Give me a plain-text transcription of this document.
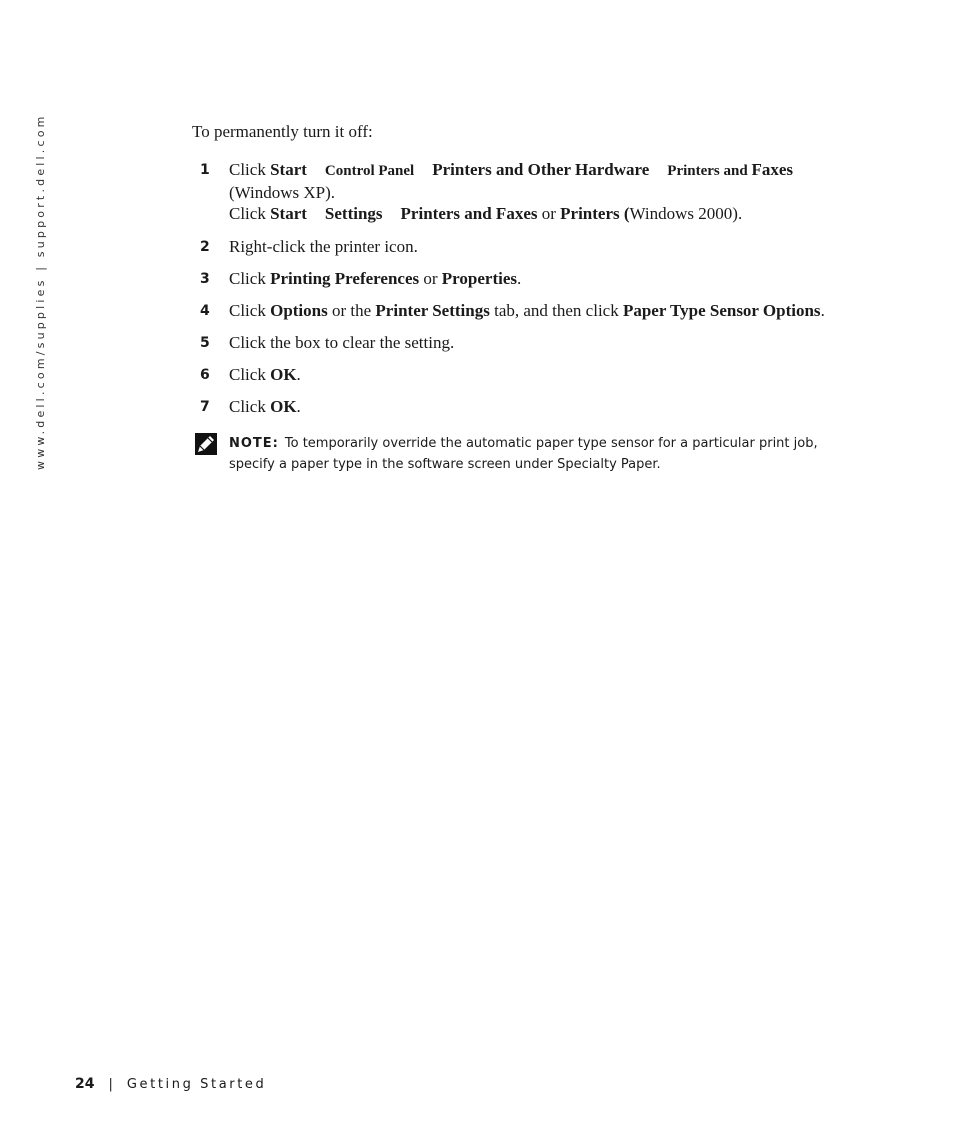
www.dell.com/supplies | support.dell.com	To permanently turn it off:

1 Click Start Control Panel Printers and Other Hardware Printers and Faxes
(Windows XP).
Click Start Settings Printers and Faxes or Printers (Windows 2000).
2 Right-click the printer icon.
3 Click Printing Preferences or Properties.
4 Click Options or the Printer Settings tab, and then click Paper Type Sensor Options.
5 Click the box to clear the setting.
6 Click OK.
7 Click OK.

NOTE: To temporarily override the automatic paper type sensor for a particular print job, specify a paper type in the software screen under Specialty Paper.

24 | Getting Started
